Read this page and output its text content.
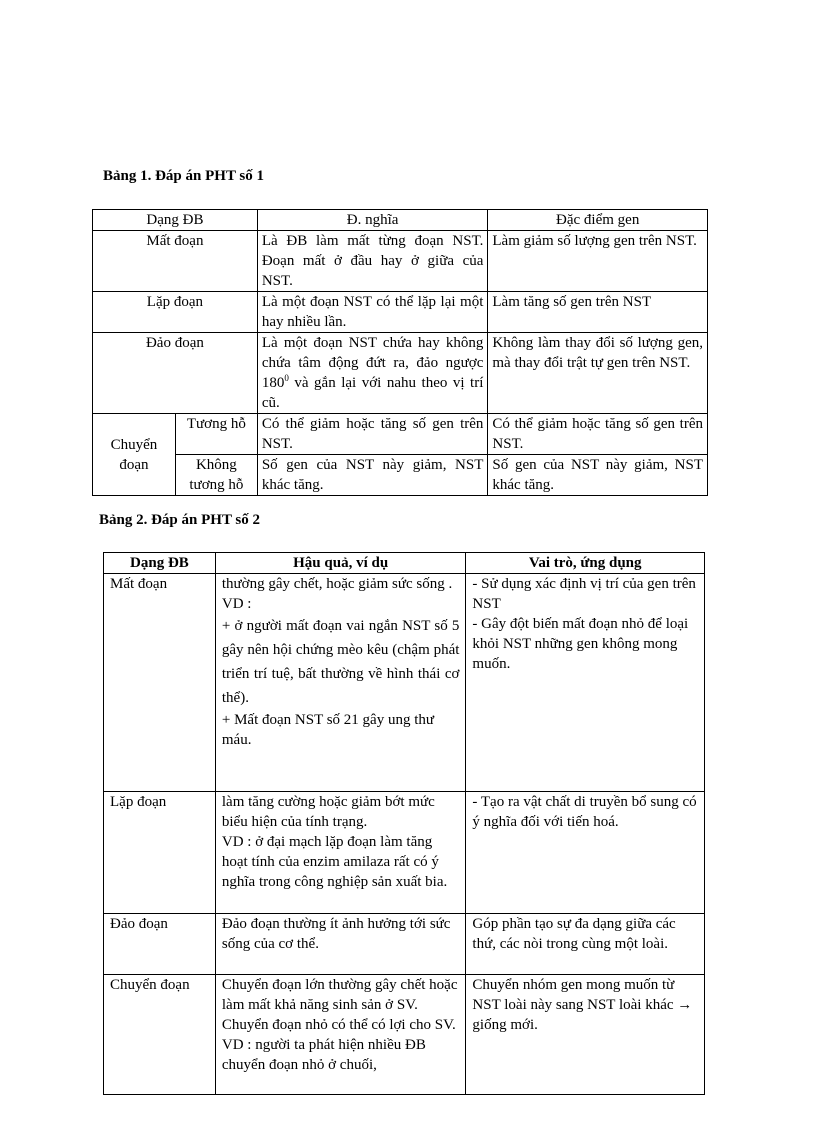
Bảng 1. Đáp án PHT số 1
Dạng ĐB		Đ. nghĩa	Đặc điểm gen
Mất đoạn		Là ĐB làm mất từng đoạn NST. Đoạn mất ở đầu hay ở giữa của NST.	Làm giảm số lượng gen trên NST.
Lặp đoạn		Là một đoạn NST có thể lặp lại một hay nhiều lần.	Làm tăng số gen trên NST
Đảo đoạn		Là một đoạn NST chứa hay không chứa tâm động đứt ra, đảo ngược $180^0$ và gắn lại với nahu theo vị trí cũ.	Không làm thay đổi số lượng gen, mà thay đổi trật tự gen trên NST.
Chuyển đoạn	Tương hỗ	Có thể giảm hoặc tăng số gen trên NST.	Có thể giảm hoặc tăng số gen trên NST.
	Không tương hỗ	Số gen của NST này giảm, NST khác tăng.	Số gen của NST này giảm, NST khác tăng.
Bảng 2. Đáp án PHT số 2
Dạng ĐB	Hậu quả, ví dụ	Vai trò, ứng dụng
Mất đoạn	thường gây chết, hoặc giảm sức sống .
VD :
+ ở người mất đoạn vai ngắn NST số 5 gây nên hội chứng mèo kêu (chậm phát triển trí tuệ, bất thường về hình thái cơ thể).
+ Mất đoạn NST số 21 gây ung thư máu.	- Sử dụng xác định vị trí của gen trên NST
- Gây đột biến mất đoạn nhỏ để loại khỏi NST những gen không mong muốn.

Lặp đoạn	làm tăng cường hoặc giảm bớt mức biểu hiện của tính trạng.
VD : ở đại mạch lặp đoạn làm tăng hoạt tính của enzim amilaza rất có ý nghĩa trong công nghiệp sản xuất bia.	- Tạo ra vật chất di truyền bổ sung có ý nghĩa đối với tiến hoá.

Đảo đoạn	Đảo đoạn thường ít ảnh hưởng tới sức sống của cơ thể.	Góp phần tạo sự đa dạng giữa các thứ, các nòi trong cùng một loài.

Chuyển đoạn	Chuyển đoạn lớn thường gây chết hoặc làm mất khả năng sinh sản ở SV. Chuyển đoạn nhỏ có thể có lợi cho SV.
VD : người ta phát hiện nhiều ĐB chuyển đoạn nhỏ ở chuối,	Chuyển nhóm gen mong muốn từ NST loài này sang NST loài khác → giống mới.
